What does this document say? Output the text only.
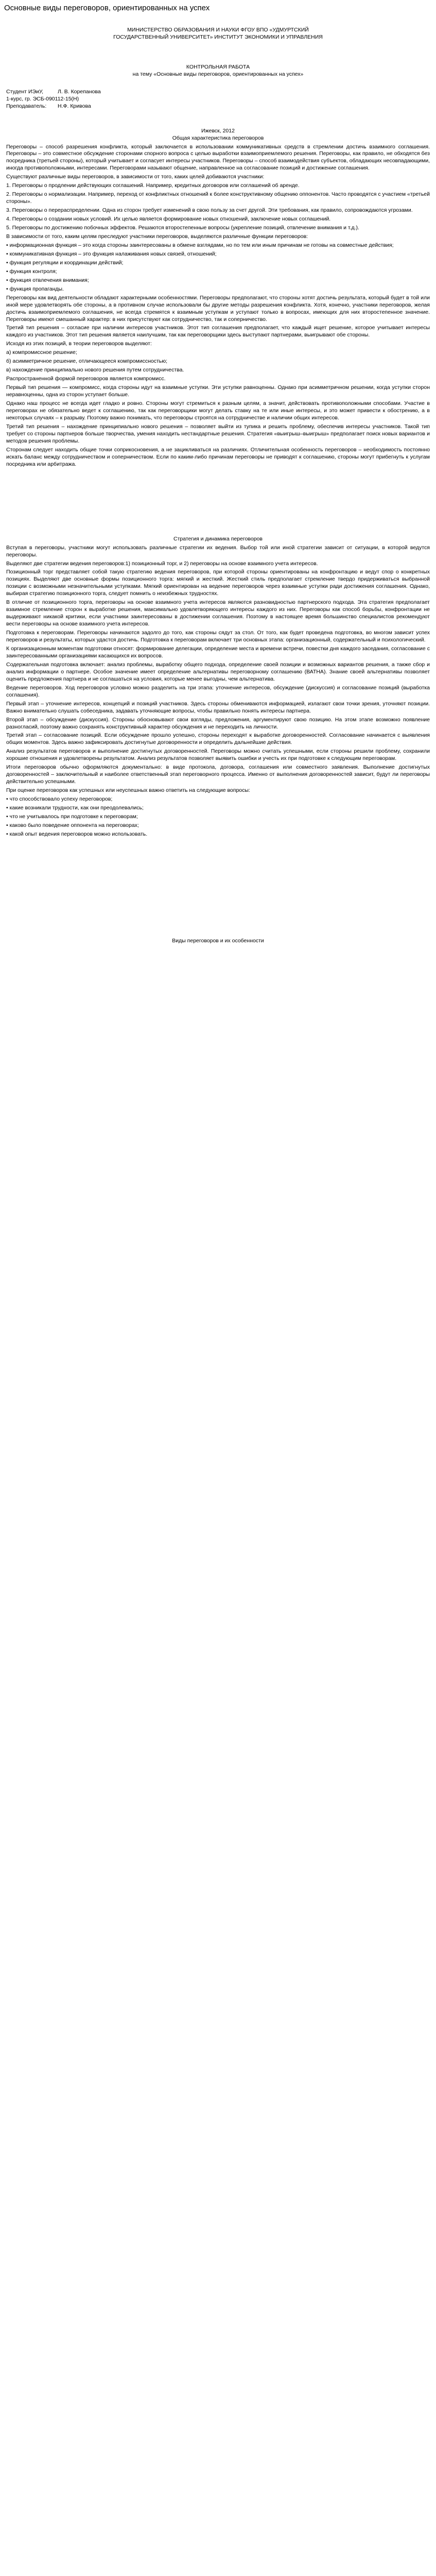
Основные виды переговоров, ориентированных на успех
МИНИСТЕРСТВО ОБРАЗОВАНИЯ И НАУКИ ФГОУ ВПО «УДМУРТСКИЙ
ГОСУДАРСТВЕННЫЙ УНИВЕРСИТЕТ» ИНСТИТУТ ЭКОНОМИКИ И УПРАВЛЕНИЯ
КОНТРОЛЬНАЯ РАБОТА
на тему «Основные виды переговоров, ориентированных на успех»
Студент ИЭиУ,	Л. В. Корепанова
1-курс, гр. ЭСБ-090112-15(Н)
Преподаватель: Н.Ф. Кривова
Ижевск, 2012
Общая характеристика переговоров

Переговоры – способ разрешения конфликта, который заключается в использовании коммуникативных средств в стремлении достичь взаимного соглашения. Переговоры – это совместное обсуждение сторонами спорного вопроса с целью выработки взаимоприемлемого решения. Переговоры, как правило, не обходятся без посредника (третьей стороны), который учитывает и согласует интересы участников. Переговоры – способ взаимодействия субъектов, обладающих несовпадающими, иногда противоположными, интересами. Переговорами называют общение, направленное на согласование позиций и достижение соглашения.

Существуют различные виды переговоров, в зависимости от того, каких целей добиваются участники:

1. Переговоры о продлении действующих соглашений. Например, кредитных договоров или соглашений об аренде.

2. Переговоры о нормализации. Например, переход от конфликтных отношений к более конструктивному общению оппонентов. Часто проводятся с участием «третьей стороны».

3. Переговоры о перераспределении. Одна из сторон требует изменений в свою пользу за счет другой. Эти требования, как правило, сопровождаются угрозами.

4. Переговоры о создании новых условий. Их целью является формирование новых отношений, заключение новых соглашений.

5. Переговоры по достижению побочных эффектов. Решаются второстепенные вопросы (укрепление позиций, отвлечение внимания и т.д.).

В зависимости от того, каким целям преследуют участники переговоров, выделяются различные функции переговоров:

• информационная функция – это когда стороны заинтересованы в обмене взглядами, но по тем или иным причинам не готовы на совместные действия;

• коммуникативная функция – это функция налаживания новых связей, отношений;

• функция регуляции и координации действий;

• функция контроля;

• функция отвлечения внимания;

• функция пропаганды.

Переговоры как вид деятельности обладают характерными особенностями. Переговоры предполагают, что стороны хотят достичь результата, который будет в той или иной мере удовлетворять обе стороны, а в противном случае использовали бы другие методы разрешения конфликта. Хотя, конечно, участники переговоров, желая достичь взаимоприемлемого соглашения, не всегда стремятся к взаимным уступкам и уступают только в вопросах, имеющих для них второстепенное значение. Переговоры имеют смешанный характер: в них присутствуют как сотрудничество, так и соперничество.

Третий тип решения – согласие при наличии интересов участников. Этот тип соглашения предполагает, что каждый ищет решение, которое учитывает интересы каждого из участников. Этот тип решения является наилучшим, так как переговорщики здесь выступают партнерами, выигрывают обе стороны.

Исходя из этих позиций, в теории переговоров выделяют:

а) компромиссное решение;

б) асимметричное решение, отличающееся компромиссностью;

в) нахождение принципиально нового решения путем сотрудничества.

Распространенной формой переговоров является компромисс.

Первый тип решения — компромисс, когда стороны идут на взаимные уступки. Эти уступки равноценны. Однако при асимметричном решении, когда уступки сторон неравноценны, одна из сторон уступает больше.

Однако наш процесс не всегда идет гладко и ровно. Стороны могут стремиться к разным целям, а значит, действовать противоположными способами. Участие в переговорах не обязательно ведет к соглашению, так как переговорщики могут делать ставку на те или иные интересы, и это может привести к обострению, а в некоторых случаях – к разрыву. Поэтому важно понимать, что переговоры строятся на сотрудничестве и наличии общих интересов.

Третий тип решения – нахождение принципиально нового решения – позволяет выйти из тупика и решить проблему, обеспечив интересы участников. Такой тип требует со стороны партнеров больше творчества, умения находить нестандартные решения. Стратегия «выигрыш–выигрыш» предполагает поиск новых вариантов и методов решения проблемы.

Сторонам следует находить общие точки соприкосновения, а не зацикливаться на различиях. Отличительная особенность переговоров – необходимость постоянно искать баланс между сотрудничеством и соперничеством. Если по каким-либо причинам переговоры не приводят к соглашению, стороны могут прибегнуть к услугам посредника или арбитража.

Стратегия и динамика переговоров

Вступая в переговоры, участники могут использовать различные стратегии их ведения. Выбор той или иной стратегии зависит от ситуации, в которой ведутся переговоры.

Выделяют две стратегии ведения переговоров:1) позиционный торг, и 2) переговоры на основе взаимного учета интересов.

Позиционный торг представляет собой такую стратегию ведения переговоров, при которой стороны ориентированы на конфронтацию и ведут спор о конкретных позициях. Выделяют две основные формы позиционного торга: мягкий и жесткий. Жесткий стиль предполагает стремление твердо придерживаться выбранной позиции с возможными незначительными уступками. Мягкий ориентирован на ведение переговоров через взаимные уступки ради достижения соглашения. Однако, выбирая стратегию позиционного торга, следует помнить о неизбежных трудностях.

В отличие от позиционного торга, переговоры на основе взаимного учета интересов являются разновидностью партнерского подхода. Эта стратегия предполагает взаимное стремление сторон к выработке решения, максимально удовлетворяющего интересы каждого из них. Переговоры как способ борьбы, конфронтации не выдерживают никакой критики, если участники заинтересованы в достижении соглашения. Поэтому в настоящее время большинство специалистов рекомендуют вести переговоры на основе взаимного учета интересов.

Подготовка к переговорам. Переговоры начинаются задолго до того, как стороны сядут за стол. От того, как будет проведена подготовка, во многом зависит успех переговоров и результаты, которых удастся достичь. Подготовка к переговорам включает три основных этапа: организационный, содержательный и психологический.

К организационным моментам подготовки относят: формирование делегации, определение места и времени встречи, повестки дня каждого заседания, согласование с заинтересованными организациями касающихся их вопросов.

Содержательная подготовка включает: анализ проблемы, выработку общего подхода, определение своей позиции и возможных вариантов решения, а также сбор и анализ информации о партнере. Особое значение имеет определение альтернативы переговорному соглашению (ВАТНА). Знание своей альтернативы позволяет оценить предложения партнера и не соглашаться на условия, которые менее выгодны, чем альтернатива.

Ведение переговоров. Ход переговоров условно можно разделить на три этапа: уточнение интересов, обсуждение (дискуссия) и согласование позиций (выработка соглашения).

Первый этап – уточнение интересов, концепций и позиций участников. Здесь стороны обмениваются информацией, излагают свои точки зрения, уточняют позиции. Важно внимательно слушать собеседника, задавать уточняющие вопросы, чтобы правильно понять интересы партнера.

Второй этап – обсуждение (дискуссия). Стороны обосновывают свои взгляды, предложения, аргументируют свою позицию. На этом этапе возможно появление разногласий, поэтому важно сохранять конструктивный характер обсуждения и не переходить на личности.

Третий этап – согласование позиций. Если обсуждение прошло успешно, стороны переходят к выработке договоренностей. Согласование начинается с выявления общих моментов. Здесь важно зафиксировать достигнутые договоренности и определить дальнейшие действия.

Анализ результатов переговоров и выполнение достигнутых договоренностей. Переговоры можно считать успешными, если стороны решили проблему, сохранили хорошие отношения и удовлетворены результатом. Анализ результатов позволяет выявить ошибки и учесть их при подготовке к следующим переговорам.

Итоги переговоров обычно оформляются документально: в виде протокола, договора, соглашения или совместного заявления. Выполнение достигнутых договоренностей – заключительный и наиболее ответственный этап переговорного процесса. Именно от выполнения договоренностей зависит, будут ли переговоры действительно успешными.

При оценке переговоров как успешных или неуспешных важно ответить на следующие вопросы:

• что способствовало успеху переговоров;

• какие возникали трудности, как они преодолевались;

• что не учитывалось при подготовке к переговорам;

• каково было поведение оппонента на переговорах;

• какой опыт ведения переговоров можно использовать.

Виды переговоров и их особенности
